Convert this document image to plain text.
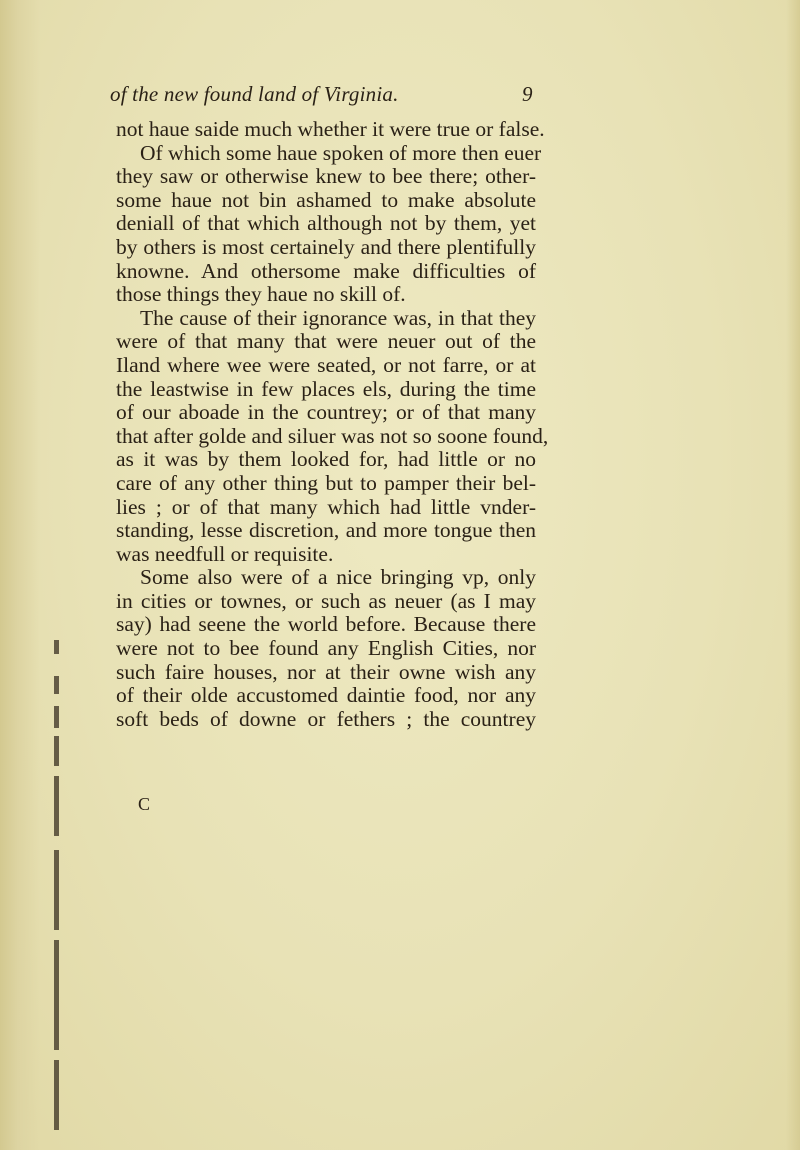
of the new found land of Virginia.	9
not haue saide much whether it were true or false.
Of which some haue spoken of more then euer
they saw or otherwise knew to bee there; other-
some haue not bin ashamed to make absolute
deniall of that which although not by them, yet
by others is most certainely and there plentifully
knowne. And othersome make difficulties of
those things they haue no skill of.
The cause of their ignorance was, in that they
were of that many that were neuer out of the
Iland where wee were seated, or not farre, or at
the leastwise in few places els, during the time
of our aboade in the countrey; or of that many
that after golde and siluer was not so soone found,
as it was by them looked for, had little or no
care of any other thing but to pamper their bel-
lies ; or of that many which had little vnder-
standing, lesse discretion, and more tongue then
was needfull or requisite.
Some also were of a nice bringing vp, only
in cities or townes, or such as neuer (as I may
say) had seene the world before. Because there
were not to bee found any English Cities, nor
such faire houses, nor at their owne wish any
of their olde accustomed daintie food, nor any
soft beds of downe or fethers ; the countrey
C
